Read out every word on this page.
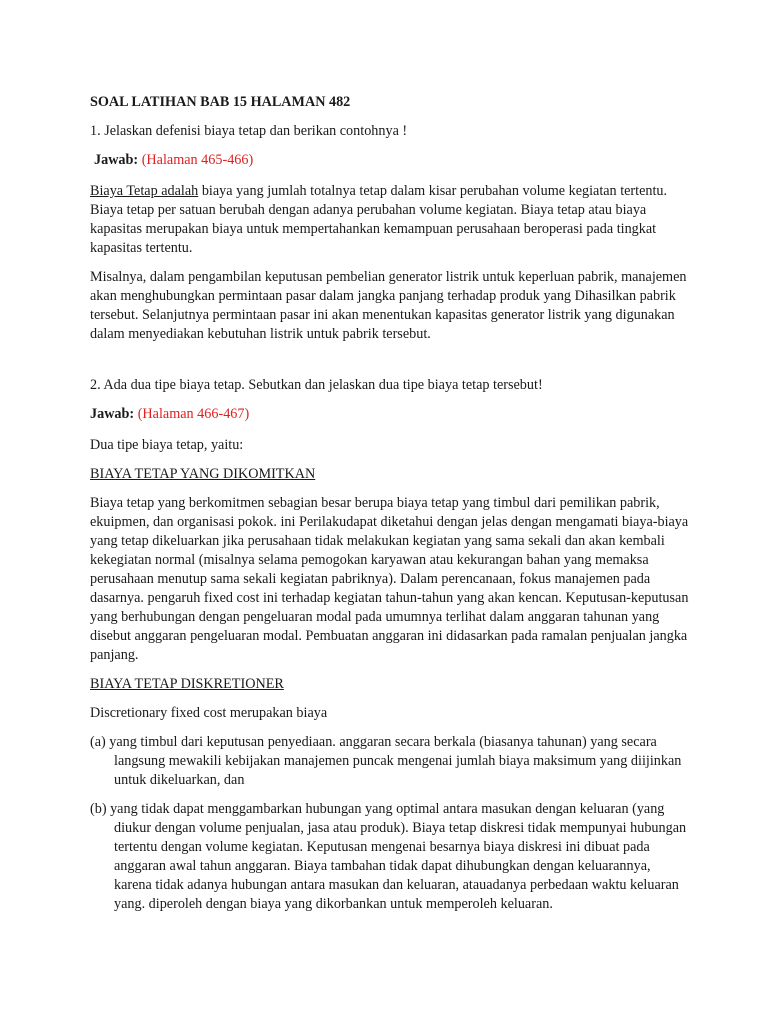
SOAL LATIHAN BAB 15 HALAMAN 482

1. Jelaskan defenisi biaya tetap dan berikan contohnya !

Jawab: (Halaman 465-466)

Biaya Tetap adalah biaya yang jumlah totalnya tetap dalam kisar perubahan volume kegiatan tertentu. Biaya tetap per satuan berubah dengan adanya perubahan volume kegiatan. Biaya tetap atau biaya kapasitas merupakan biaya untuk mempertahankan kemampuan perusahaan beroperasi pada tingkat kapasitas tertentu.

Misalnya, dalam pengambilan keputusan pembelian generator listrik untuk keperluan pabrik, manajemen akan menghubungkan permintaan pasar dalam jangka panjang terhadap produk yang Dihasilkan pabrik tersebut. Selanjutnya permintaan pasar ini akan menentukan kapasitas generator listrik yang digunakan dalam menyediakan kebutuhan listrik untuk pabrik tersebut.

2. Ada dua tipe biaya tetap. Sebutkan dan jelaskan dua tipe biaya tetap tersebut!

Jawab: (Halaman 466-467)

Dua tipe biaya tetap, yaitu:

BIAYA TETAP YANG DIKOMITKAN

Biaya tetap yang berkomitmen sebagian besar berupa biaya tetap yang timbul dari pemilikan pabrik, ekuipmen, dan organisasi pokok. ini Perilakudapat diketahui dengan jelas dengan mengamati biaya-biaya yang tetap dikeluarkan jika perusahaan tidak melakukan kegiatan yang sama sekali dan akan kembali kekegiatan normal (misalnya selama pemogokan karyawan atau kekurangan bahan yang memaksa perusahaan menutup sama sekali kegiatan pabriknya). Dalam perencanaan, fokus manajemen pada dasarnya. pengaruh fixed cost ini terhadap kegiatan tahun-tahun yang akan kencan. Keputusan-keputusan yang berhubungan dengan pengeluaran modal pada umumnya terlihat dalam anggaran tahunan yang disebut anggaran pengeluaran modal. Pembuatan anggaran ini didasarkan pada ramalan penjualan jangka panjang.

BIAYA TETAP DISKRETIONER

Discretionary fixed cost merupakan biaya

(a) yang timbul dari keputusan penyediaan. anggaran secara berkala (biasanya tahunan) yang secara langsung mewakili kebijakan manajemen puncak mengenai jumlah biaya maksimum yang diijinkan untuk dikeluarkan, dan

(b) yang tidak dapat menggambarkan hubungan yang optimal antara masukan dengan keluaran (yang diukur dengan volume penjualan, jasa atau produk). Biaya tetap diskresi tidak mempunyai hubungan tertentu dengan volume kegiatan. Keputusan mengenai besarnya biaya diskresi ini dibuat pada anggaran awal tahun anggaran. Biaya tambahan tidak dapat dihubungkan dengan keluarannya, karena tidak adanya hubungan antara masukan dan keluaran, atauadanya perbedaan waktu keluaran yang. diperoleh dengan biaya yang dikorbankan untuk memperoleh keluaran.
